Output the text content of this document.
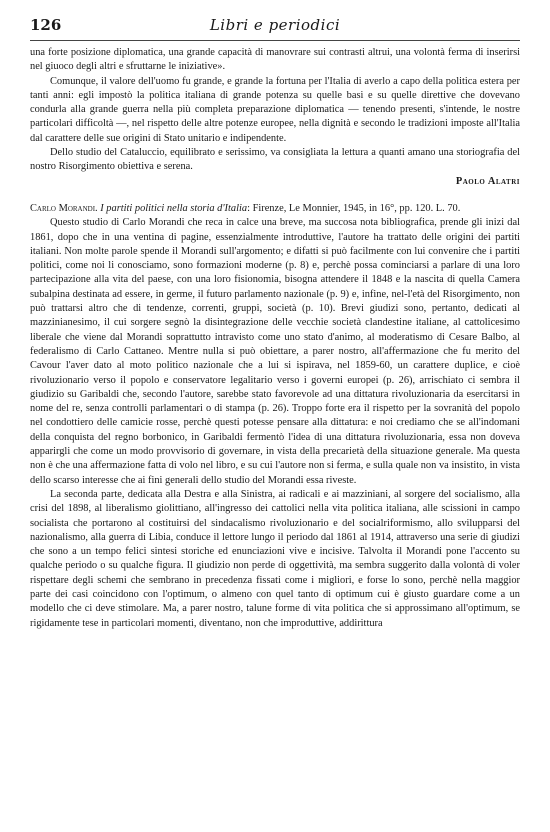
126	Libri e periodici

una forte posizione diplomatica, una grande capacità di manovrare sui contrasti altrui, una volontà ferma di inserirsi nel giuoco degli altri e sfruttarne le iniziative».

Comunque, il valore dell'uomo fu grande, e grande la fortuna per l'Italia di averlo a capo della politica estera per tanti anni: egli impostò la politica italiana di grande potenza su quelle basi e su quelle direttive che dovevano condurla alla grande guerra nella più completa preparazione diplomatica — tenendo presenti, s'intende, le nostre particolari difficoltà —, nel rispetto delle altre potenze europee, nella dignità e secondo le tradizioni imposte all'Italia dal carattere delle sue origini di Stato unitario e indipendente.

Dello studio del Cataluccio, equilibrato e serissimo, va consigliata la lettura a quanti amano una storiografia del nostro Risorgimento obiettiva e serena.

Paolo Alatri

Carlo Morandi. I partiti politici nella storia d'Italia: Firenze, Le Monnier, 1945, in 16°, pp. 120. L. 70.

Questo studio di Carlo Morandi che reca in calce una breve, ma succosa nota bibliografica, prende gli inizi dal 1861, dopo che in una ventina di pagine, essenzialmente introduttive, l'autore ha trattato delle origini dei partiti italiani. Non molte parole spende il Morandi sull'argomento; e difatti si può facilmente con lui convenire che i partiti politici, come noi li conosciamo, sono formazioni moderne (p. 8) e, perchè possa cominciarsi a parlare di una loro partecipazione alla vita del paese, con una loro fisionomia, bisogna attendere il 1848 e la nascita di quella Camera subalpina destinata ad essere, in germe, il futuro parlamento nazionale (p. 9) e, infine, nel-l'età del Risorgimento, non può trattarsi altro che di tendenze, correnti, gruppi, società (p. 10). Brevi giudizi sono, pertanto, dedicati al mazzinianesimo, il cui sorgere segnò la disintegrazione delle vecchie società clandestine italiane, al cattolicesimo liberale che viene dal Morandi soprattutto intravisto come uno stato d'animo, al moderatismo di Cesare Balbo, al federalismo di Carlo Cattaneo. Mentre nulla si può obiettare, a parer nostro, all'affermazione che fu merito del Cavour l'aver dato al moto politico nazionale che a lui si ispirava, nel 1859-60, un carattere duplice, e cioè rivoluzionario verso il popolo e conservatore legalitario verso i governi europei (p. 26), arrischiato ci sembra il giudizio su Garibaldi che, secondo l'autore, sarebbe stato favorevole ad una dittatura rivoluzionaria da esercitarsi in nome del re, senza controlli parlamentari o di stampa (p. 26). Troppo forte era il rispetto per la sovranità del popolo nel condottiero delle camicie rosse, perchè questi potesse pensare alla dittatura: e noi crediamo che se all'indomani della conquista del regno borbonico, in Garibaldi fermentò l'idea di una dittatura rivoluzionaria, essa non doveva apparirgli che come un modo provvisorio di governare, in vista della precarietà della situazione generale. Ma questa non è che una affermazione fatta di volo nel libro, e su cui l'autore non si ferma, e sulla quale non va insistito, in vista dello scarso interesse che ai fini generali dello studio del Morandi essa riveste.

La seconda parte, dedicata alla Destra e alla Sinistra, ai radicali e ai mazziniani, al sorgere del socialismo, alla crisi del 1898, al liberalismo giolittiano, all'ingresso dei cattolici nella vita politica italiana, alle scissioni in campo socialista che portarono al costituirsi del sindacalismo rivoluzionario e del socialriformismo, allo svilupparsi del nazionalismo, alla guerra di Libia, conduce il lettore lungo il periodo dal 1861 al 1914, attraverso una serie di giudizi che sono a un tempo felici sintesi storiche ed enunciazioni vive e incisive. Talvolta il Morandi pone l'accento su qualche periodo o su qualche figura. Il giudizio non perde di oggettività, ma sembra suggerito dalla volontà di voler rispettare degli schemi che sembrano in precedenza fissati come i migliori, e forse lo sono, perchè nella maggior parte dei casi coincidono con l'optimum, o almeno con quel tanto di optimum cui è giusto guardare come a un modello che ci deve stimolare. Ma, a parer nostro, talune forme di vita politica che si approssimano all'optimum, se rigidamente tese in particolari momenti, diventano, non che improduttive, addirittura
